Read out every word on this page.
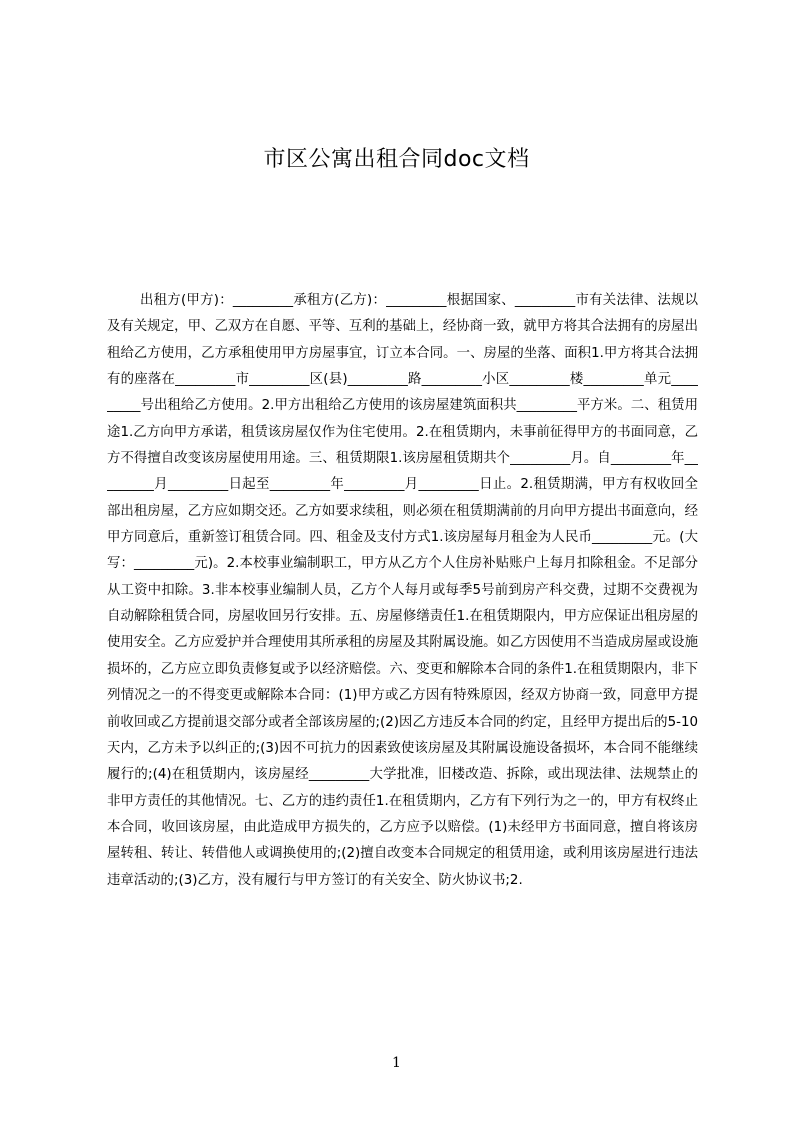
市区公寓出租合同doc文档

出租方(甲方)：_________承租方(乙方)：_________根据国家、_________市有关法律、法规以及有关规定，甲、乙双方在自愿、平等、互利的基础上，经协商一致，就甲方将其合法拥有的房屋出租给乙方使用，乙方承租使用甲方房屋事宜，订立本合同。一、房屋的坐落、面积1.甲方将其合法拥有的座落在_________市_________区(县)_________路_________小区_________楼_________单元_________号出租给乙方使用。2.甲方出租给乙方使用的该房屋建筑面积共_________平方米。二、租赁用途1.乙方向甲方承诺，租赁该房屋仅作为住宅使用。2.在租赁期内，未事前征得甲方的书面同意，乙方不得擅自改变该房屋使用用途。三、租赁期限1.该房屋租赁期共个_________月。自_________年_________月_________日起至_________年_________月_________日止。2.租赁期满，甲方有权收回全部出租房屋，乙方应如期交还。乙方如要求续租，则必须在租赁期满前的月向甲方提出书面意向，经甲方同意后，重新签订租赁合同。四、租金及支付方式1.该房屋每月租金为人民币_________元。(大写：_________元)。2.本校事业编制职工，甲方从乙方个人住房补贴账户上每月扣除租金。不足部分从工资中扣除。3.非本校事业编制人员，乙方个人每月或每季5号前到房产科交费，过期不交费视为自动解除租赁合同，房屋收回另行安排。五、房屋修缮责任1.在租赁期限内，甲方应保证出租房屋的使用安全。乙方应爱护并合理使用其所承租的房屋及其附属设施。如乙方因使用不当造成房屋或设施损坏的，乙方应立即负责修复或予以经济赔偿。六、变更和解除本合同的条件1.在租赁期限内，非下列情况之一的不得变更或解除本合同：(1)甲方或乙方因有特殊原因，经双方协商一致，同意甲方提前收回或乙方提前退交部分或者全部该房屋的;(2)因乙方违反本合同的约定，且经甲方提出后的5-10天内，乙方未予以纠正的;(3)因不可抗力的因素致使该房屋及其附属设施设备损坏，本合同不能继续履行的;(4)在租赁期内，该房屋经_________大学批准，旧楼改造、拆除，或出现法律、法规禁止的非甲方责任的其他情况。七、乙方的违约责任1.在租赁期内，乙方有下列行为之一的，甲方有权终止本合同，收回该房屋，由此造成甲方损失的，乙方应予以赔偿。(1)未经甲方书面同意，擅自将该房屋转租、转让、转借他人或调换使用的;(2)擅自改变本合同规定的租赁用途，或利用该房屋进行违法违章活动的;(3)乙方，没有履行与甲方签订的有关安全、防火协议书;2.

1
